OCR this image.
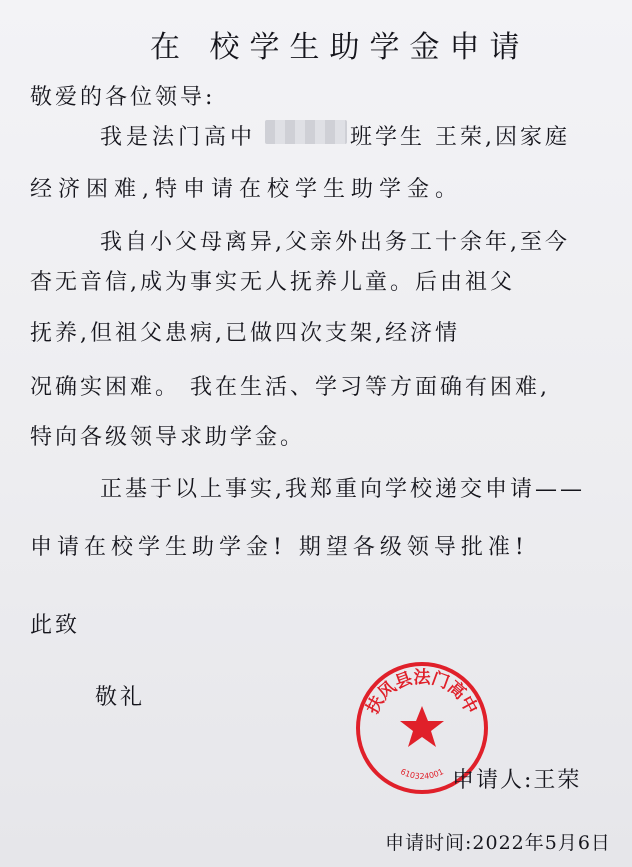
在 校学生助学金申请
敬爱的各位领导:
我是法门高中	班学生 王荣,因家庭
经济困难,特申请在校学生助学金。
我自小父母离异,父亲外出务工十余年,至今
杳无音信,成为事实无人抚养儿童。后由祖父
抚养,但祖父患病,已做四次支架,经济情
况确实困难。 我在生活、学习等方面确有困难,
特向各级领导求助学金。
正基于以上事实,我郑重向学校递交申请——
申请在校学生助学金! 期望各级领导批准!
此致
敬礼	扶风县法门高中
610324001 申请人:王荣
申请时间:2022年5月6日
